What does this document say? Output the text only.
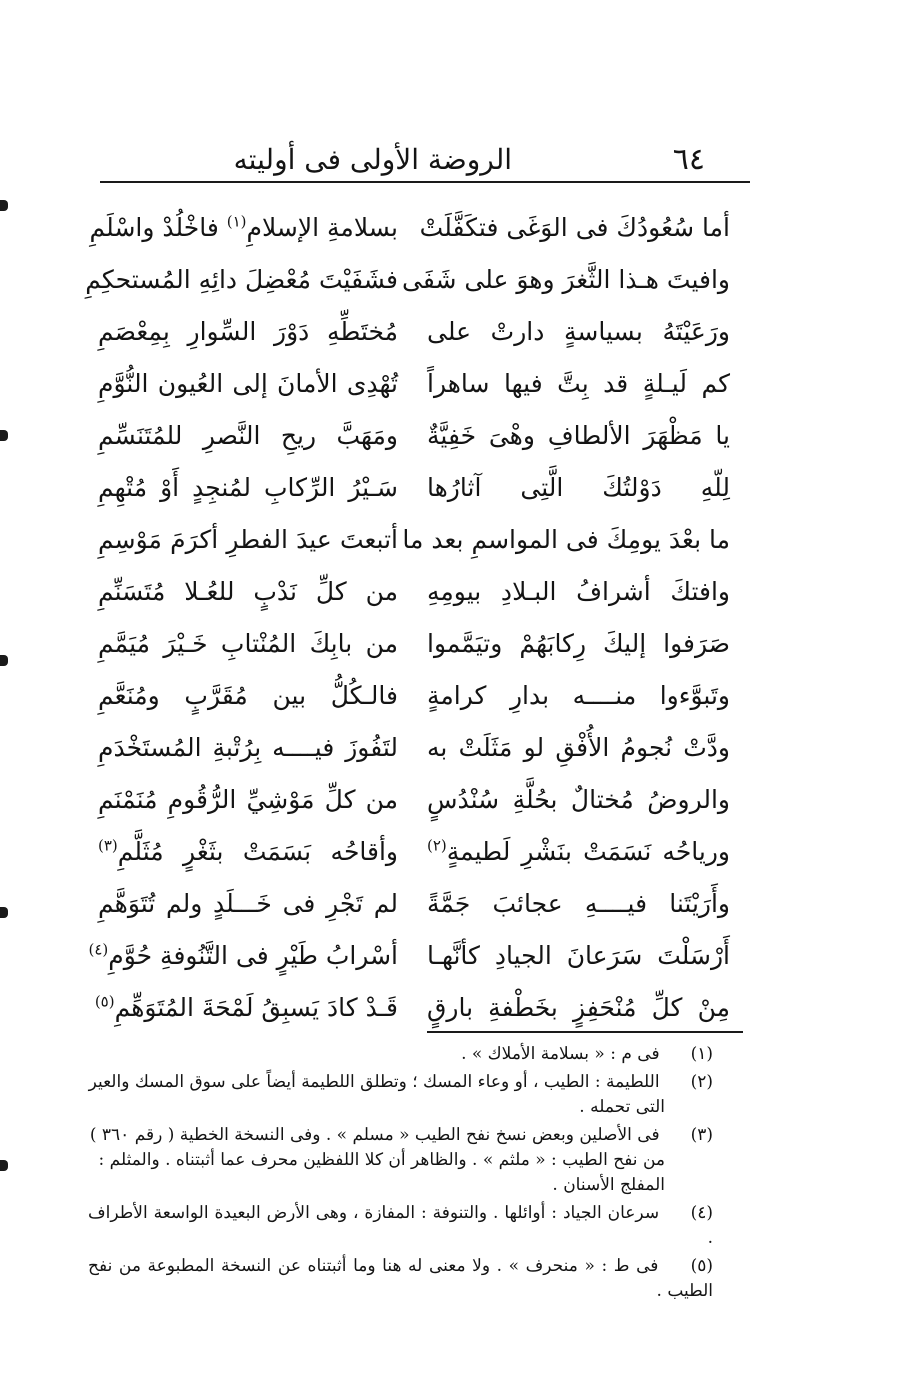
٦٤
الروضة الأولى فى أوليته
أما سُعُودُكَ فى الوَغَى فتكَفَّلَتْ
بسلامةِ الإسلامِ$^{(١)}$ فاخْلُدْ واسْلَمِ
وافيتَ هـذا الثَّغرَ وهوَ على شَفَى
فشَفَيْتَ مُعْضِلَ دائِهِ المُستحكِمِ
ورَعَيْتَهُ بسياسةٍ دارتْ على
مُختَطِّهِ دَوْرَ السِّوارِ بِمِعْصَمِ
كم لَيـلةٍ قد بِتَّ فيها ساهراً
تُهْدِى الأمانَ إلى العُيون النُّوَّمِ
يا مَظْهَرَ الألطافِ وهْىَ خَفِيَّةٌ
ومَهَبَّ ريحِ النَّصرِ للمُتَنَسِّمِ
لِلّهِ دَوْلتُكَ الَّتِى آثارُها
سَـيْرُ الرِّكابِ لمُنجِدٍ أَوْ مُتْهِمِ
ما بعْدَ يومِكَ فى المواسمِ بعد ما
أتبعتَ عيدَ الفطرِ أكرَمَ مَوْسِمِ
وافتكَ أشرافُ البـلادِ بيومِهِ
من كلِّ نَدْبٍ للعُـلا مُتَسَنِّمِ
صَرَفوا إليكَ رِكابَهُمْ وتيَمَّموا
من بابِكَ المُنْتابِ خَـيْرَ مُيَمَّمِ
وتَبوَّءوا منــــه بدارِ كرامةٍ
فالـكُلُّ بين مُقَرَّبٍ ومُنَعَّمِ
ودَّتْ نُجومُ الأُفْقِ لو مَثَلَتْ به
لتَفُوزَ فيــــه بِرُتْبةِ المُستَخْدَمِ
والروضُ مُختالٌ بحُلَّةِ سُنْدُسٍ
من كلِّ مَوْشِيِّ الرُّقُومِ مُنَمْنَمِ
ورياحُه نَسَمَتْ بنَشْرِ لَطيمةٍ$^{(٢)}$
وأقاحُه بَسَمَتْ بثَغْرٍ مُثَلَّمِ$^{(٣)}$
وأَرَيْتَنا فيــــهِ عجائبَ جَمَّةً
لم تَجْرِ فى خَـــلَدٍ ولم تُتَوَهَّمِ
أَرْسَلْتَ سَرَعانَ الجيادِ كأنَّهـا
أسْرابُ طَيْرٍ فى التَّنُوفةِ حُوَّمِ$^{(٤)}$
مِنْ كلِّ مُنْحَفِزٍ بخَطْفةِ بارقٍ
قَـدْ كادَ يَسبِقُ لَمْحَةَ المُتَوَهِّمِ$^{(٥)}$
(١) فى م : « بسلامة الأملاك » .
(٢) اللطيمة : الطيب ، أو وعاء المسك ؛ وتطلق اللطيمة أيضاً على سوق المسك والعير
التى تحمله .
(٣) فى الأصلين وبعض نسخ نفح الطيب « مسلم » . وفى النسخة الخطية ( رقم ٣٦٠ )
من نفح الطيب : « ملثم » . والظاهر أن كلا اللفظين محرف عما أثبتناه . والمثلم :
المفلج الأسنان .
(٤) سرعان الجياد : أوائلها . والتنوفة : المفازة ، وهى الأرض البعيدة الواسعة الأطراف .
(٥) فى ط : « منحرف » . ولا معنى له هنا وما أثبتناه عن النسخة المطبوعة من نفح الطيب .
